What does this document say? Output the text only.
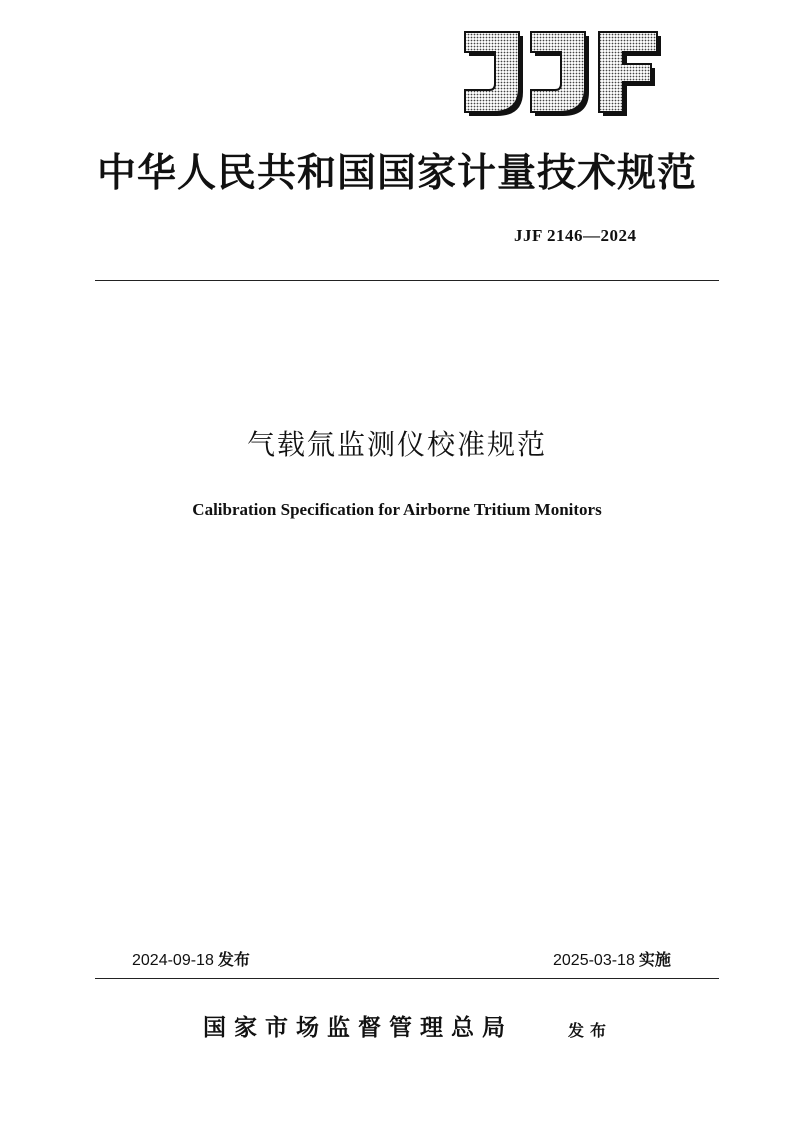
中华人民共和国国家计量技术规范
JJF 2146—2024
气载氚监测仪校准规范
Calibration Specification for Airborne Tritium Monitors
2024-09-18 发布	2025-03-18 实施
国家市场监督管理总局	发布
